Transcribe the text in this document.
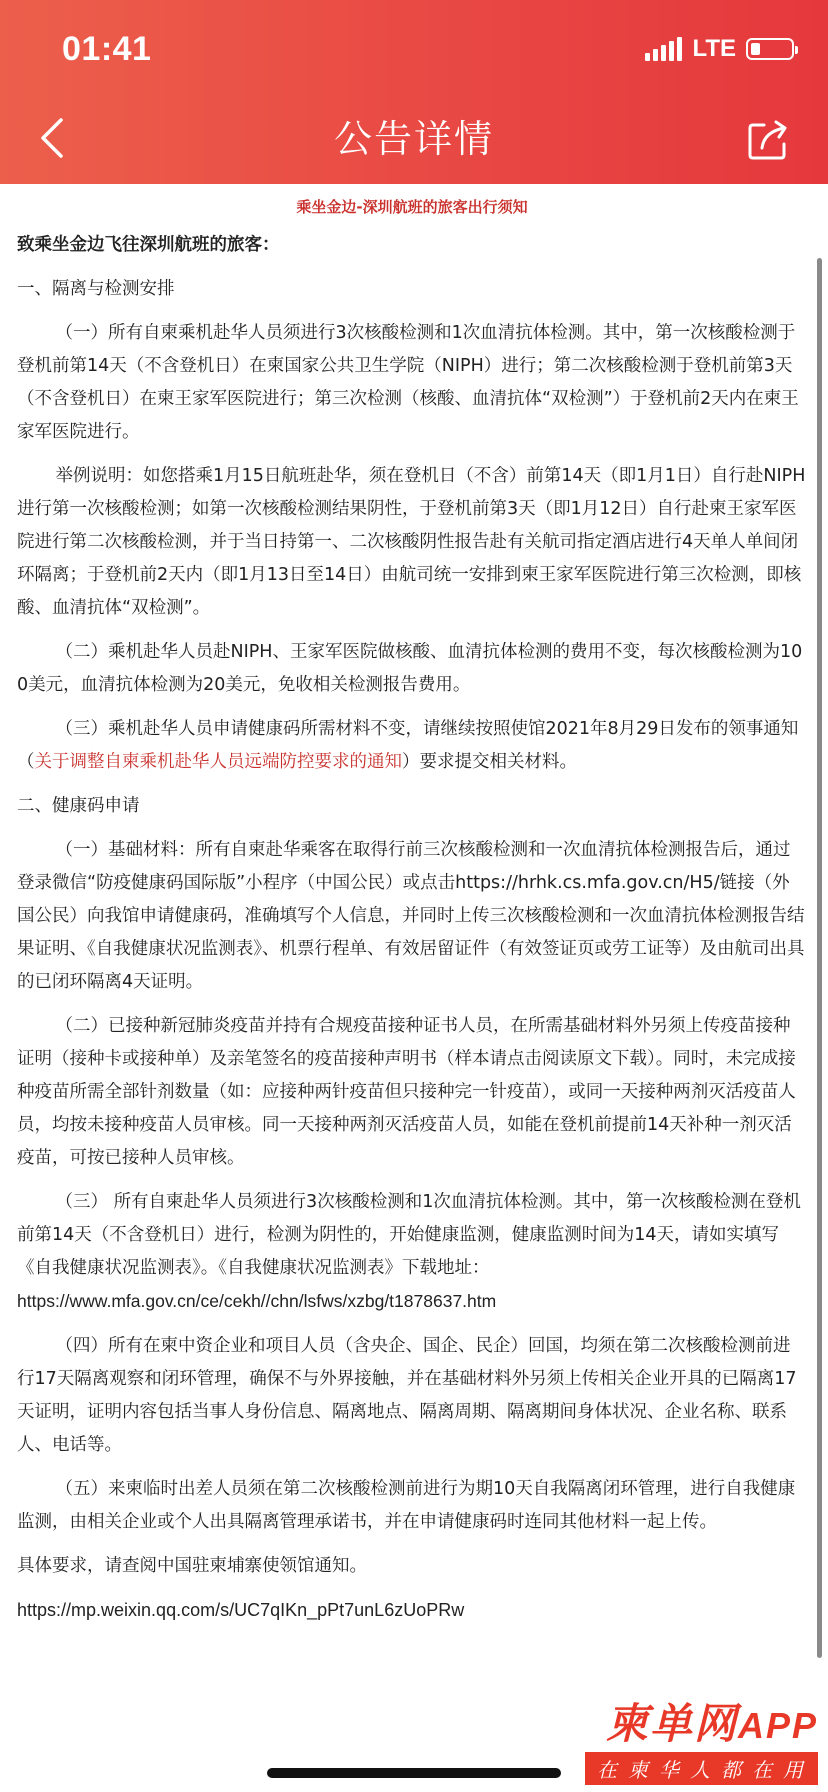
01:41	LTE
公告详情
乘坐金边-深圳航班的旅客出行须知

致乘坐金边飞往深圳航班的旅客：

一、隔离与检测安排

（一）所有自柬乘机赴华人员须进行3次核酸检测和1次血清抗体检测。其中，第一次核酸检测于登机前第14天（不含登机日）在柬国家公共卫生学院（NIPH）进行；第二次核酸检测于登机前第3天（不含登机日）在柬王家军医院进行；第三次检测（核酸、血清抗体“双检测”）于登机前2天内在柬王家军医院进行。

举例说明：如您搭乘1月15日航班赴华，须在登机日（不含）前第14天（即1月1日）自行赴NIPH进行第一次核酸检测；如第一次核酸检测结果阴性，于登机前第3天（即1月12日）自行赴柬王家军医院进行第二次核酸检测，并于当日持第一、二次核酸阴性报告赴有关航司指定酒店进行4天单人单间闭环隔离；于登机前2天内（即1月13日至14日）由航司统一安排到柬王家军医院进行第三次检测，即核酸、血清抗体“双检测”。

（二）乘机赴华人员赴NIPH、王家军医院做核酸、血清抗体检测的费用不变，每次核酸检测为100美元，血清抗体检测为20美元，免收相关检测报告费用。

（三）乘机赴华人员申请健康码所需材料不变，请继续按照使馆2021年8月29日发布的领事通知（关于调整自柬乘机赴华人员远端防控要求的通知）要求提交相关材料。

二、健康码申请

（一）基础材料：所有自柬赴华乘客在取得行前三次核酸检测和一次血清抗体检测报告后，通过登录微信“防疫健康码国际版”小程序（中国公民）或点击https://hrhk.cs.mfa.gov.cn/H5/链接（外国公民）向我馆申请健康码，准确填写个人信息，并同时上传三次核酸检测和一次血清抗体检测报告结果证明、《自我健康状况监测表》、机票行程单、有效居留证件（有效签证页或劳工证等）及由航司出具的已闭环隔离4天证明。

（二）已接种新冠肺炎疫苗并持有合规疫苗接种证书人员，在所需基础材料外另须上传疫苗接种证明（接种卡或接种单）及亲笔签名的疫苗接种声明书（样本请点击阅读原文下载）。同时，未完成接种疫苗所需全部针剂数量（如：应接种两针疫苗但只接种完一针疫苗），或同一天接种两剂灭活疫苗人员，均按未接种疫苗人员审核。同一天接种两剂灭活疫苗人员，如能在登机前提前14天补种一剂灭活疫苗，可按已接种人员审核。

（三） 所有自柬赴华人员须进行3次核酸检测和1次血清抗体检测。其中，第一次核酸检测在登机前第14天（不含登机日）进行，检测为阴性的，开始健康监测，健康监测时间为14天，请如实填写《自我健康状况监测表》。《自我健康状况监测表》下载地址：
https://www.mfa.gov.cn/ce/cekh//chn/lsfws/xzbg/t1878637.htm

（四）所有在柬中资企业和项目人员（含央企、国企、民企）回国，均须在第二次核酸检测前进行17天隔离观察和闭环管理，确保不与外界接触，并在基础材料外另须上传相关企业开具的已隔离17天证明，证明内容包括当事人身份信息、隔离地点、隔离周期、隔离期间身体状况、企业名称、联系人、电话等。

（五）来柬临时出差人员须在第二次核酸检测前进行为期10天自我隔离闭环管理，进行自我健康监测，由相关企业或个人出具隔离管理承诺书，并在申请健康码时连同其他材料一起上传。

具体要求，请查阅中国驻柬埔寨使领馆通知。

https://mp.weixin.qq.com/s/UC7qIKn_pPt7unL6zUoPRw

柬单网APP
在柬华人都在用
